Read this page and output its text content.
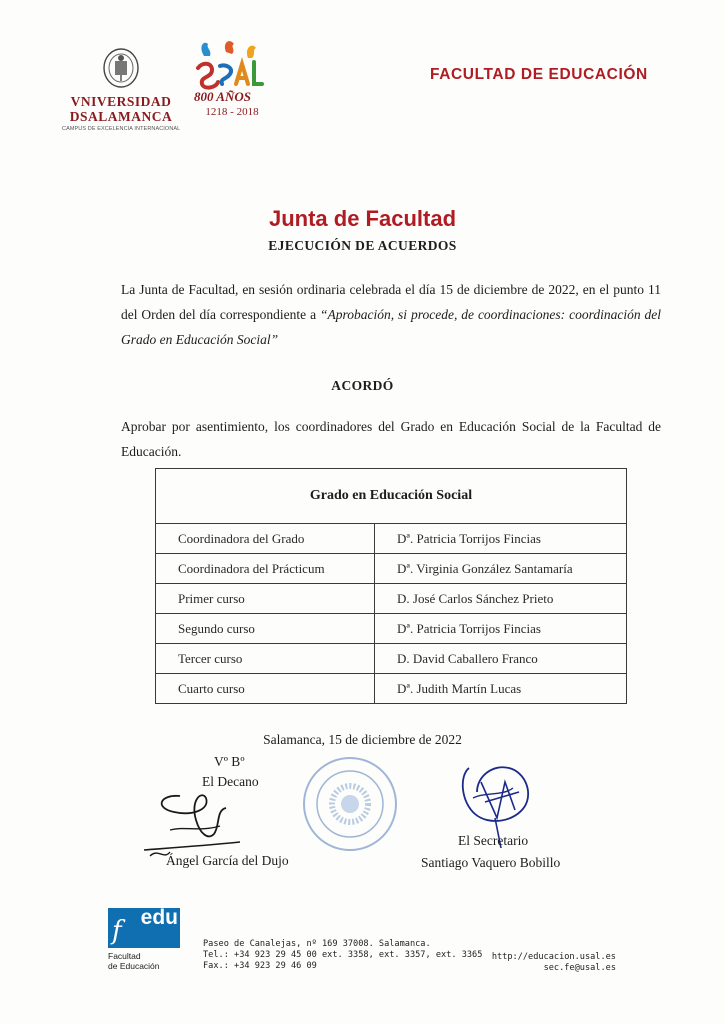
VNIVERSIDAD
DSALAMANCA
CAMPUS DE EXCELENCIA INTERNACIONAL
800 AÑOS
1218 - 2018
FACULTAD DE EDUCACIÓN
Junta de Facultad
EJECUCIÓN DE ACUERDOS
La Junta de Facultad, en sesión ordinaria celebrada el día 15 de diciembre de 2022, en el punto 11 del Orden del día correspondiente a “Aprobación, si procede, de coordinaciones: coordinación del Grado en Educación Social”
ACORDÓ
Aprobar por asentimiento, los coordinadores del Grado en Educación Social de la Facultad de Educación.
Grado en Educación Social	
Coordinadora del Grado	Dª. Patricia Torrijos Fincias
Coordinadora del Prácticum	Dª. Virginia González Santamaría
Primer curso	D. José Carlos Sánchez Prieto
Segundo curso	Dª. Patricia Torrijos Fincias
Tercer curso	D. David Caballero Franco
Cuarto curso	Dª. Judith Martín Lucas
Salamanca, 15 de diciembre de 2022
Vº Bº
El Decano
Ángel García del Dujo
El Secretario
Santiago Vaquero Bobillo
f edu
Facultad
de Educación
Paseo de Canalejas, nº 169 37008. Salamanca.
Tel.: +34 923 29 45 00 ext. 3358, ext. 3357, ext. 3365
Fax.: +34 923 29 46 09
http://educacion.usal.es
sec.fe@usal.es
